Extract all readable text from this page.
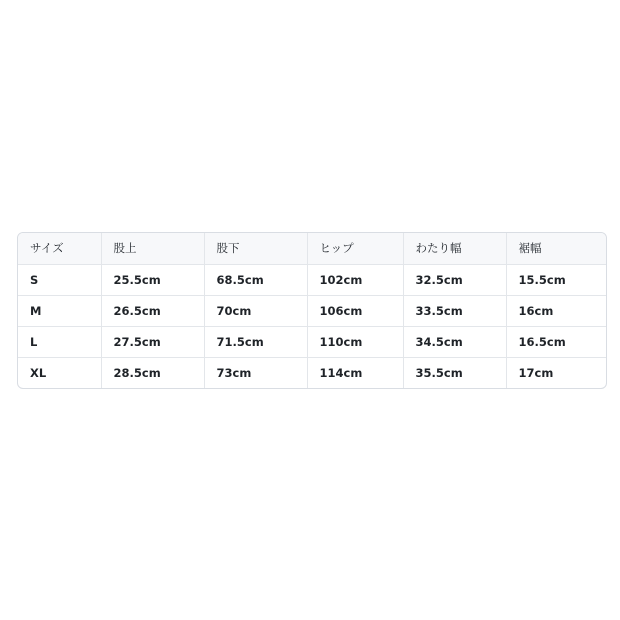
サイズ	股上	股下	ヒップ	わたり幅	裾幅
S	25.5cm	68.5cm	102cm	32.5cm	15.5cm
M	26.5cm	70cm	106cm	33.5cm	16cm
L	27.5cm	71.5cm	110cm	34.5cm	16.5cm
XL	28.5cm	73cm	114cm	35.5cm	17cm
